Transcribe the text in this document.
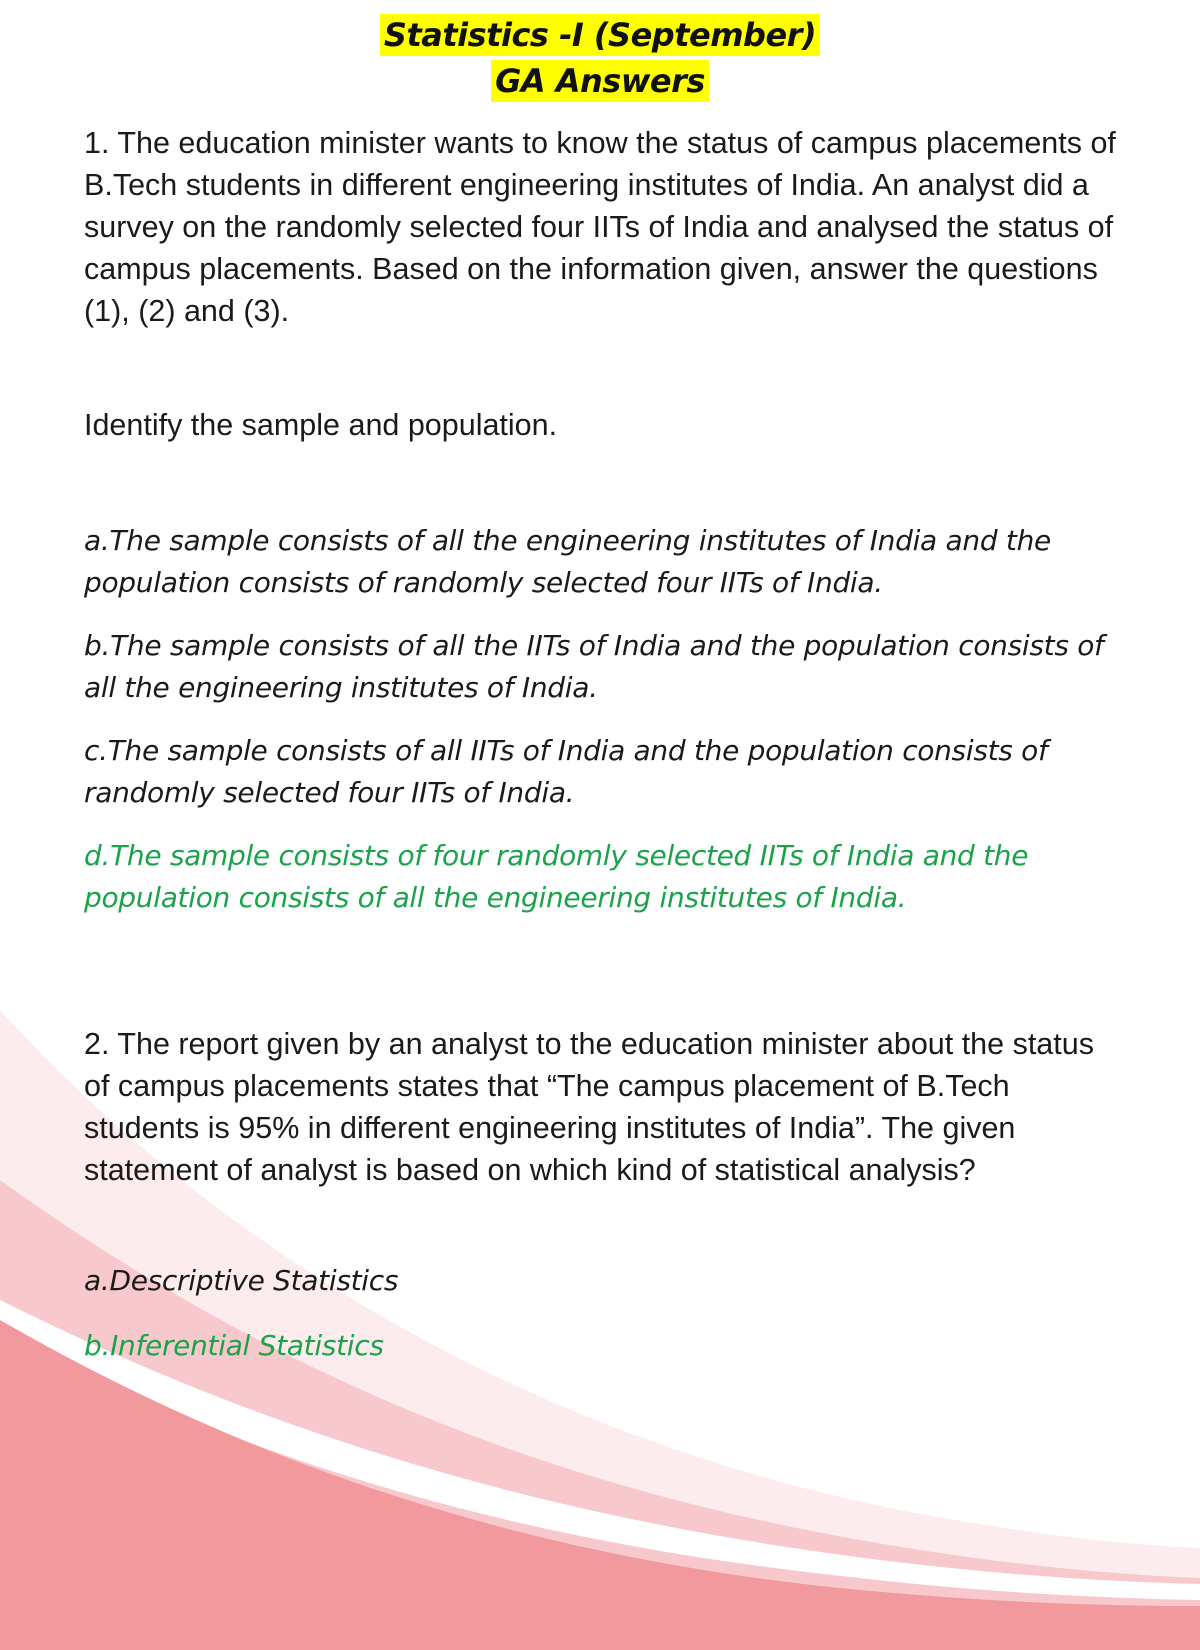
Statistics -I (September)
GA Answers
1. The education minister wants to know the status of campus placements of B.Tech students in different engineering institutes of India. An analyst did a survey on the randomly selected four IITs of India and analysed the status of campus placements. Based on the information given, answer the questions (1), (2) and (3).
Identify the sample and population.
a.The sample consists of all the engineering institutes of India and the population consists of randomly selected four IITs of India.
b.The sample consists of all the IITs of India and the population consists of all the engineering institutes of India.
c.The sample consists of all IITs of India and the population consists of randomly selected four IITs of India.
d.The sample consists of four randomly selected IITs of India and the population consists of all the engineering institutes of India.
2. The report given by an analyst to the education minister about the status of campus placements states that “The campus placement of B.Tech students is 95% in different engineering institutes of India”. The given statement of analyst is based on which kind of statistical analysis?
a.Descriptive Statistics
b.Inferential Statistics
